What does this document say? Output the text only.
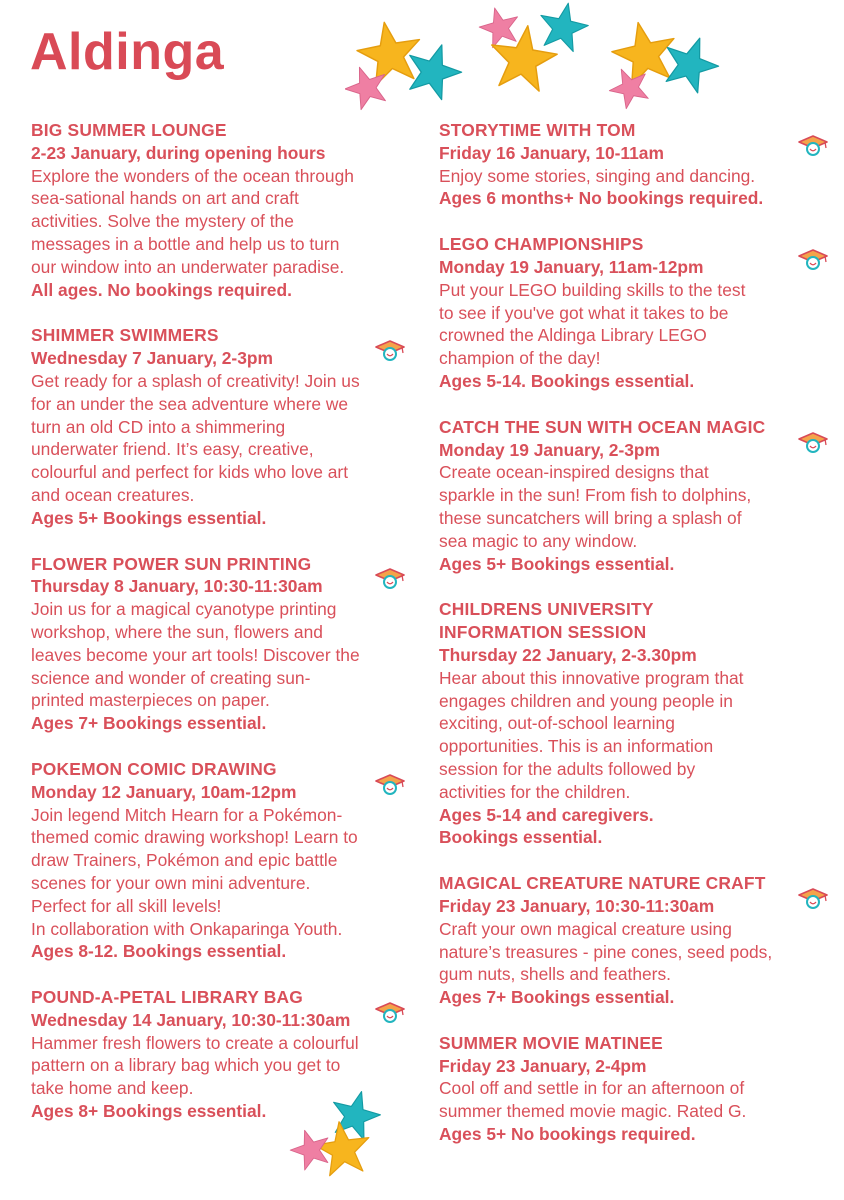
Aldinga
BIG SUMMER LOUNGE
2-23 January, during opening hours
Explore the wonders of the ocean through
sea-sational hands on art and craft
activities. Solve the mystery of the
messages in a bottle and help us to turn
our window into an underwater paradise.
All ages. No bookings required.
SHIMMER SWIMMERS
Wednesday 7 January, 2-3pm
Get ready for a splash of creativity! Join us
for an under the sea adventure where we
turn an old CD into a shimmering
underwater friend. It’s easy, creative,
colourful and perfect for kids who love art
and ocean creatures.
Ages 5+ Bookings essential.
FLOWER POWER SUN PRINTING
Thursday 8 January, 10:30-11:30am
Join us for a magical cyanotype printing
workshop, where the sun, flowers and
leaves become your art tools! Discover the
science and wonder of creating sun-
printed masterpieces on paper.
Ages 7+ Bookings essential.
POKEMON COMIC DRAWING
Monday 12 January, 10am-12pm
Join legend Mitch Hearn for a Pokémon-
themed comic drawing workshop! Learn to
draw Trainers, Pokémon and epic battle
scenes for your own mini adventure.
Perfect for all skill levels!
In collaboration with Onkaparinga Youth.
Ages 8-12. Bookings essential.
POUND-A-PETAL LIBRARY BAG
Wednesday 14 January, 10:30-11:30am
Hammer fresh flowers to create a colourful
pattern on a library bag which you get to
take home and keep.
Ages 8+ Bookings essential.
STORYTIME WITH TOM
Friday 16 January, 10-11am
Enjoy some stories, singing and dancing.
Ages 6 months+ No bookings required.
LEGO CHAMPIONSHIPS
Monday 19 January, 11am-12pm
Put your LEGO building skills to the test
to see if you've got what it takes to be
crowned the Aldinga Library LEGO
champion of the day!
Ages 5-14. Bookings essential.
CATCH THE SUN WITH OCEAN MAGIC
Monday 19 January, 2-3pm
Create ocean-inspired designs that
sparkle in the sun! From fish to dolphins,
these suncatchers will bring a splash of
sea magic to any window.
Ages 5+ Bookings essential.
CHILDRENS UNIVERSITY
INFORMATION SESSION
Thursday 22 January, 2-3.30pm
Hear about this innovative program that
engages children and young people in
exciting, out-of-school learning
opportunities. This is an information
session for the adults followed by
activities for the children.
Ages 5-14 and caregivers.
Bookings essential.
MAGICAL CREATURE NATURE CRAFT
Friday 23 January, 10:30-11:30am
Craft your own magical creature using
nature’s treasures - pine cones, seed pods,
gum nuts, shells and feathers.
Ages 7+ Bookings essential.
SUMMER MOVIE MATINEE
Friday 23 January, 2-4pm
Cool off and settle in for an afternoon of
summer themed movie magic. Rated G.
Ages 5+ No bookings required.
